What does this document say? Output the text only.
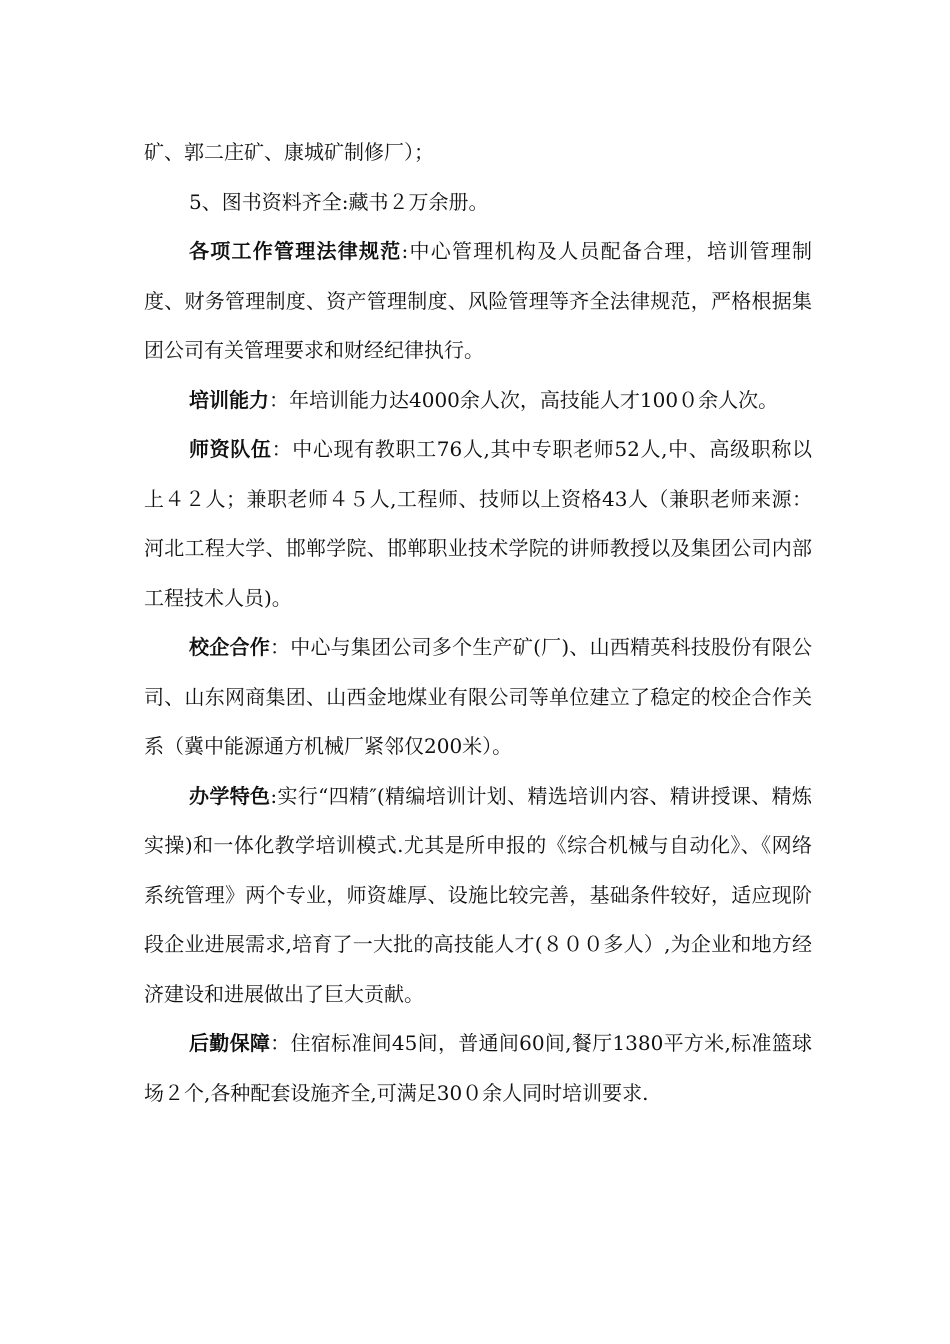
矿、郭二庄矿、康城矿制修厂）；

5、图书资料齐全:藏书２万余册。

各项工作管理法律规范:中心管理机构及人员配备合理，培训管理制度、财务管理制度、资产管理制度、风险管理等齐全法律规范，严格根据集团公司有关管理要求和财经纪律执行。

培训能力：年培训能力达4000余人次，高技能人才100０余人次。

师资队伍：中心现有教职工76人,其中专职老师52人,中、高级职称以上４２人；兼职老师４５人,工程师、技师以上资格43人（兼职老师来源：河北工程大学、邯郸学院、邯郸职业技术学院的讲师教授以及集团公司内部工程技术人员)。

校企合作：中心与集团公司多个生产矿(厂)、山西精英科技股份有限公司、山东网商集团、山西金地煤业有限公司等单位建立了稳定的校企合作关系（冀中能源通方机械厂紧邻仅200米）。

办学特色:实行“四精″(精编培训计划、精选培训内容、精讲授课、精炼实操)和一体化教学培训模式.尤其是所申报的《综合机械与自动化》、《网络系统管理》两个专业，师资雄厚、设施比较完善，基础条件较好，适应现阶段企业进展需求,培育了一大批的高技能人才(８００多人）,为企业和地方经济建设和进展做出了巨大贡献。

后勤保障：住宿标准间45间，普通间60间,餐厅1380平方米,标准篮球场２个,各种配套设施齐全,可满足30０余人同时培训要求.
